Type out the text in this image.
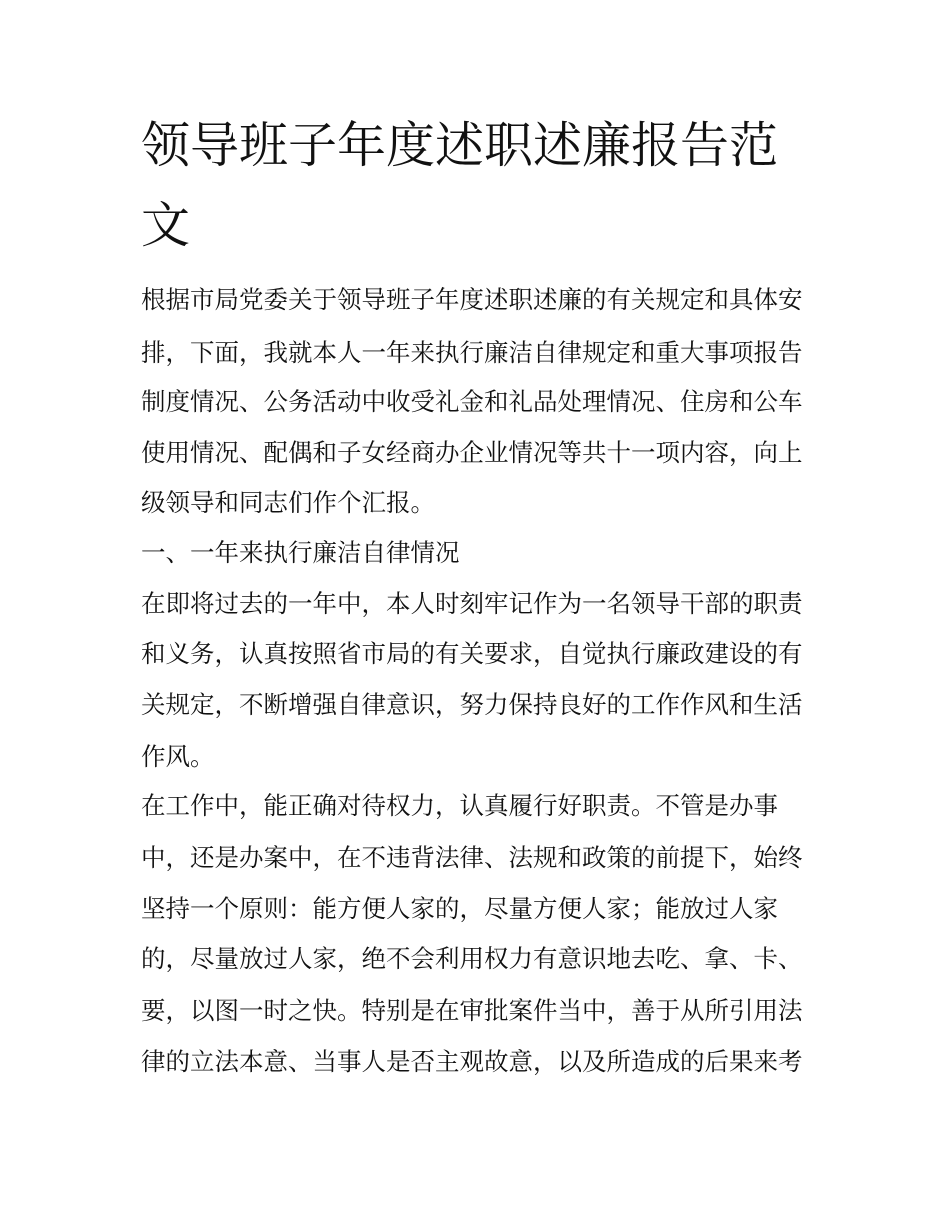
领导班子年度述职述廉报告范
文
根据市局党委关于领导班子年度述职述廉的有关规定和具体安
排，下面，我就本人一年来执行廉洁自律规定和重大事项报告
制度情况、公务活动中收受礼金和礼品处理情况、住房和公车
使用情况、配偶和子女经商办企业情况等共十一项内容，向上
级领导和同志们作个汇报。
一、一年来执行廉洁自律情况
在即将过去的一年中，本人时刻牢记作为一名领导干部的职责
和义务，认真按照省市局的有关要求，自觉执行廉政建设的有
关规定，不断增强自律意识，努力保持良好的工作作风和生活
作风。
在工作中，能正确对待权力，认真履行好职责。不管是办事
中，还是办案中，在不违背法律、法规和政策的前提下，始终
坚持一个原则：能方便人家的，尽量方便人家；能放过人家
的，尽量放过人家，绝不会利用权力有意识地去吃、拿、卡、
要，以图一时之快。特别是在审批案件当中，善于从所引用法
律的立法本意、当事人是否主观故意，以及所造成的后果来考
